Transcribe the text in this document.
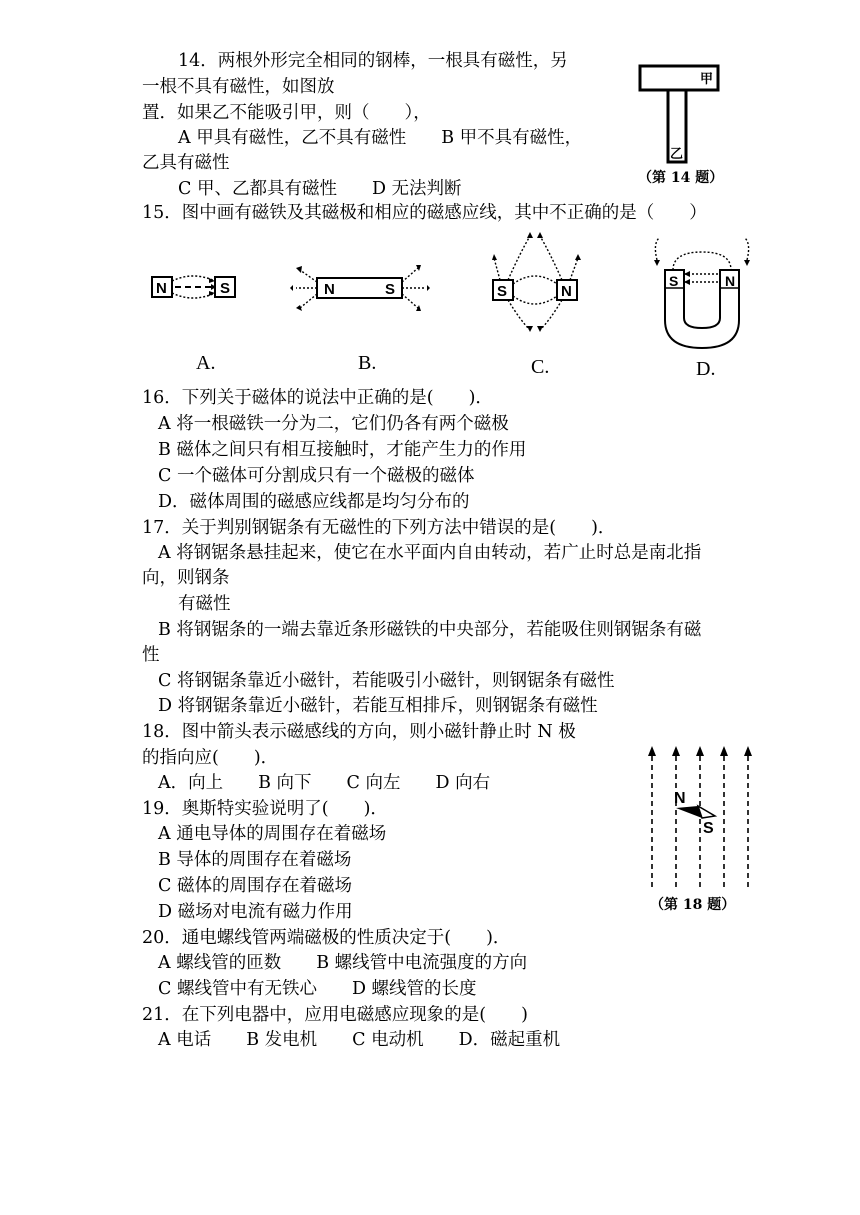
14．两根外形完全相同的钢棒，一根具有磁性，另
一根不具有磁性，如图放
置．如果乙不能吸引甲，则（　　），
A 甲具有磁性，乙不具有磁性　　B 甲不具有磁性，
乙具有磁性
C 甲、乙都具有磁性　　D 无法判断
甲
乙
（第 14 题）
15．图中画有磁铁及其磁极和相应的磁感应线，其中不正确的是（　　）
N	S	N	S	S	N
S	N
A.	B.	C.	D.
16．下列关于磁体的说法中正确的是(　　)．
A 将一根磁铁一分为二，它们仍各有两个磁极
B 磁体之间只有相互接触时，才能产生力的作用
C 一个磁体可分割成只有一个磁极的磁体
D．磁体周围的磁感应线都是均匀分布的
17．关于判别钢锯条有无磁性的下列方法中错误的是(　　)．
A 将钢锯条悬挂起来，使它在水平面内自由转动，若广止时总是南北指
向，则钢条
有磁性
B 将钢锯条的一端去靠近条形磁铁的中央部分，若能吸住则钢锯条有磁
性
C 将钢锯条靠近小磁针，若能吸引小磁针，则钢锯条有磁性
D 将钢锯条靠近小磁针，若能互相排斥，则钢锯条有磁性
18．图中箭头表示磁感线的方向，则小磁针静止时 N 极
的指向应(　　)．
A．向上　　B 向下　　C 向左　　D 向右
N
S
（第 18 题）
19．奥斯特实验说明了(　　)．
A 通电导体的周围存在着磁场
B 导体的周围存在着磁场
C 磁体的周围存在着磁场
D 磁场对电流有磁力作用
20．通电螺线管两端磁极的性质决定于(　　)．
A 螺线管的匝数　　B 螺线管中电流强度的方向
C 螺线管中有无铁心　　D 螺线管的长度
21．在下列电器中，应用电磁感应现象的是(　　)
A 电话　　B 发电机　　C 电动机　　D．磁起重机
